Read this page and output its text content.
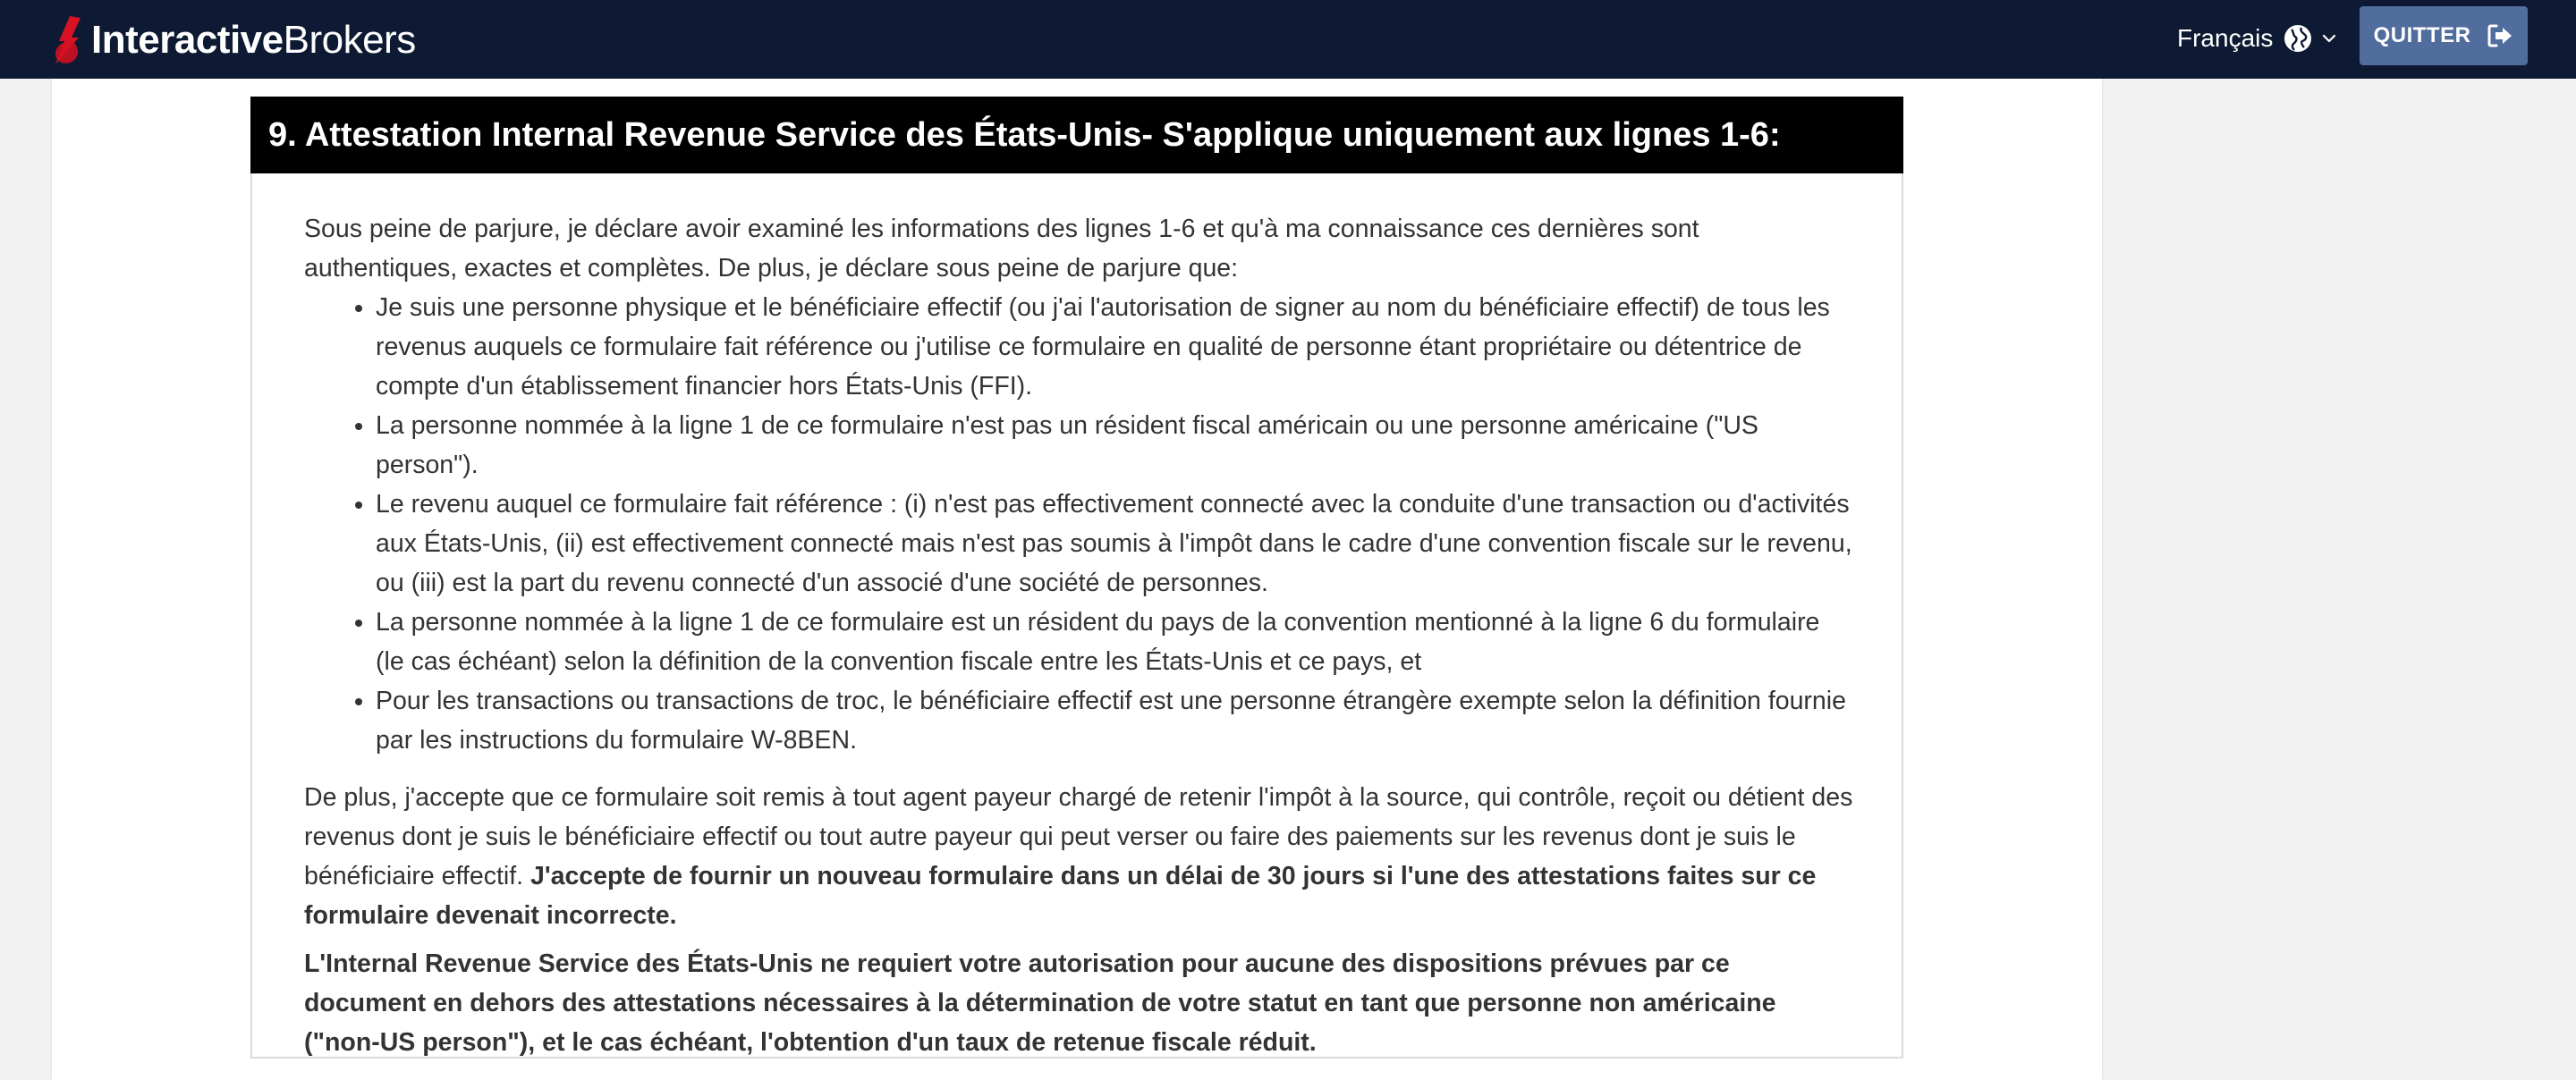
InteractiveBrokers	Français	QUITTER
9. Attestation Internal Revenue Service des États-Unis- S'applique uniquement aux lignes 1-6:

Sous peine de parjure, je déclare avoir examiné les informations des lignes 1-6 et qu'à ma connaissance ces dernières sont authentiques, exactes et complètes. De plus, je déclare sous peine de parjure que:

• Je suis une personne physique et le bénéficiaire effectif (ou j'ai l'autorisation de signer au nom du bénéficiaire effectif) de tous les revenus auquels ce formulaire fait référence ou j'utilise ce formulaire en qualité de personne étant propriétaire ou détentrice de compte d'un établissement financier hors États-Unis (FFI).
• La personne nommée à la ligne 1 de ce formulaire n'est pas un résident fiscal américain ou une personne américaine ("US person").
• Le revenu auquel ce formulaire fait référence : (i) n'est pas effectivement connecté avec la conduite d'une transaction ou d'activités aux États-Unis, (ii) est effectivement connecté mais n'est pas soumis à l'impôt dans le cadre d'une convention fiscale sur le revenu, ou (iii) est la part du revenu connecté d'un associé d'une société de personnes.
• La personne nommée à la ligne 1 de ce formulaire est un résident du pays de la convention mentionné à la ligne 6 du formulaire (le cas échéant) selon la définition de la convention fiscale entre les États-Unis et ce pays, et
• Pour les transactions ou transactions de troc, le bénéficiaire effectif est une personne étrangère exempte selon la définition fournie par les instructions du formulaire W-8BEN.

De plus, j'accepte que ce formulaire soit remis à tout agent payeur chargé de retenir l'impôt à la source, qui contrôle, reçoit ou détient des revenus dont je suis le bénéficiaire effectif ou tout autre payeur qui peut verser ou faire des paiements sur les revenus dont je suis le bénéficiaire effectif. J'accepte de fournir un nouveau formulaire dans un délai de 30 jours si l'une des attestations faites sur ce formulaire devenait incorrecte.

L'Internal Revenue Service des États-Unis ne requiert votre autorisation pour aucune des dispositions prévues par ce document en dehors des attestations nécessaires à la détermination de votre statut en tant que personne non américaine ("non-US person"), et le cas échéant, l'obtention d'un taux de retenue fiscale réduit.
